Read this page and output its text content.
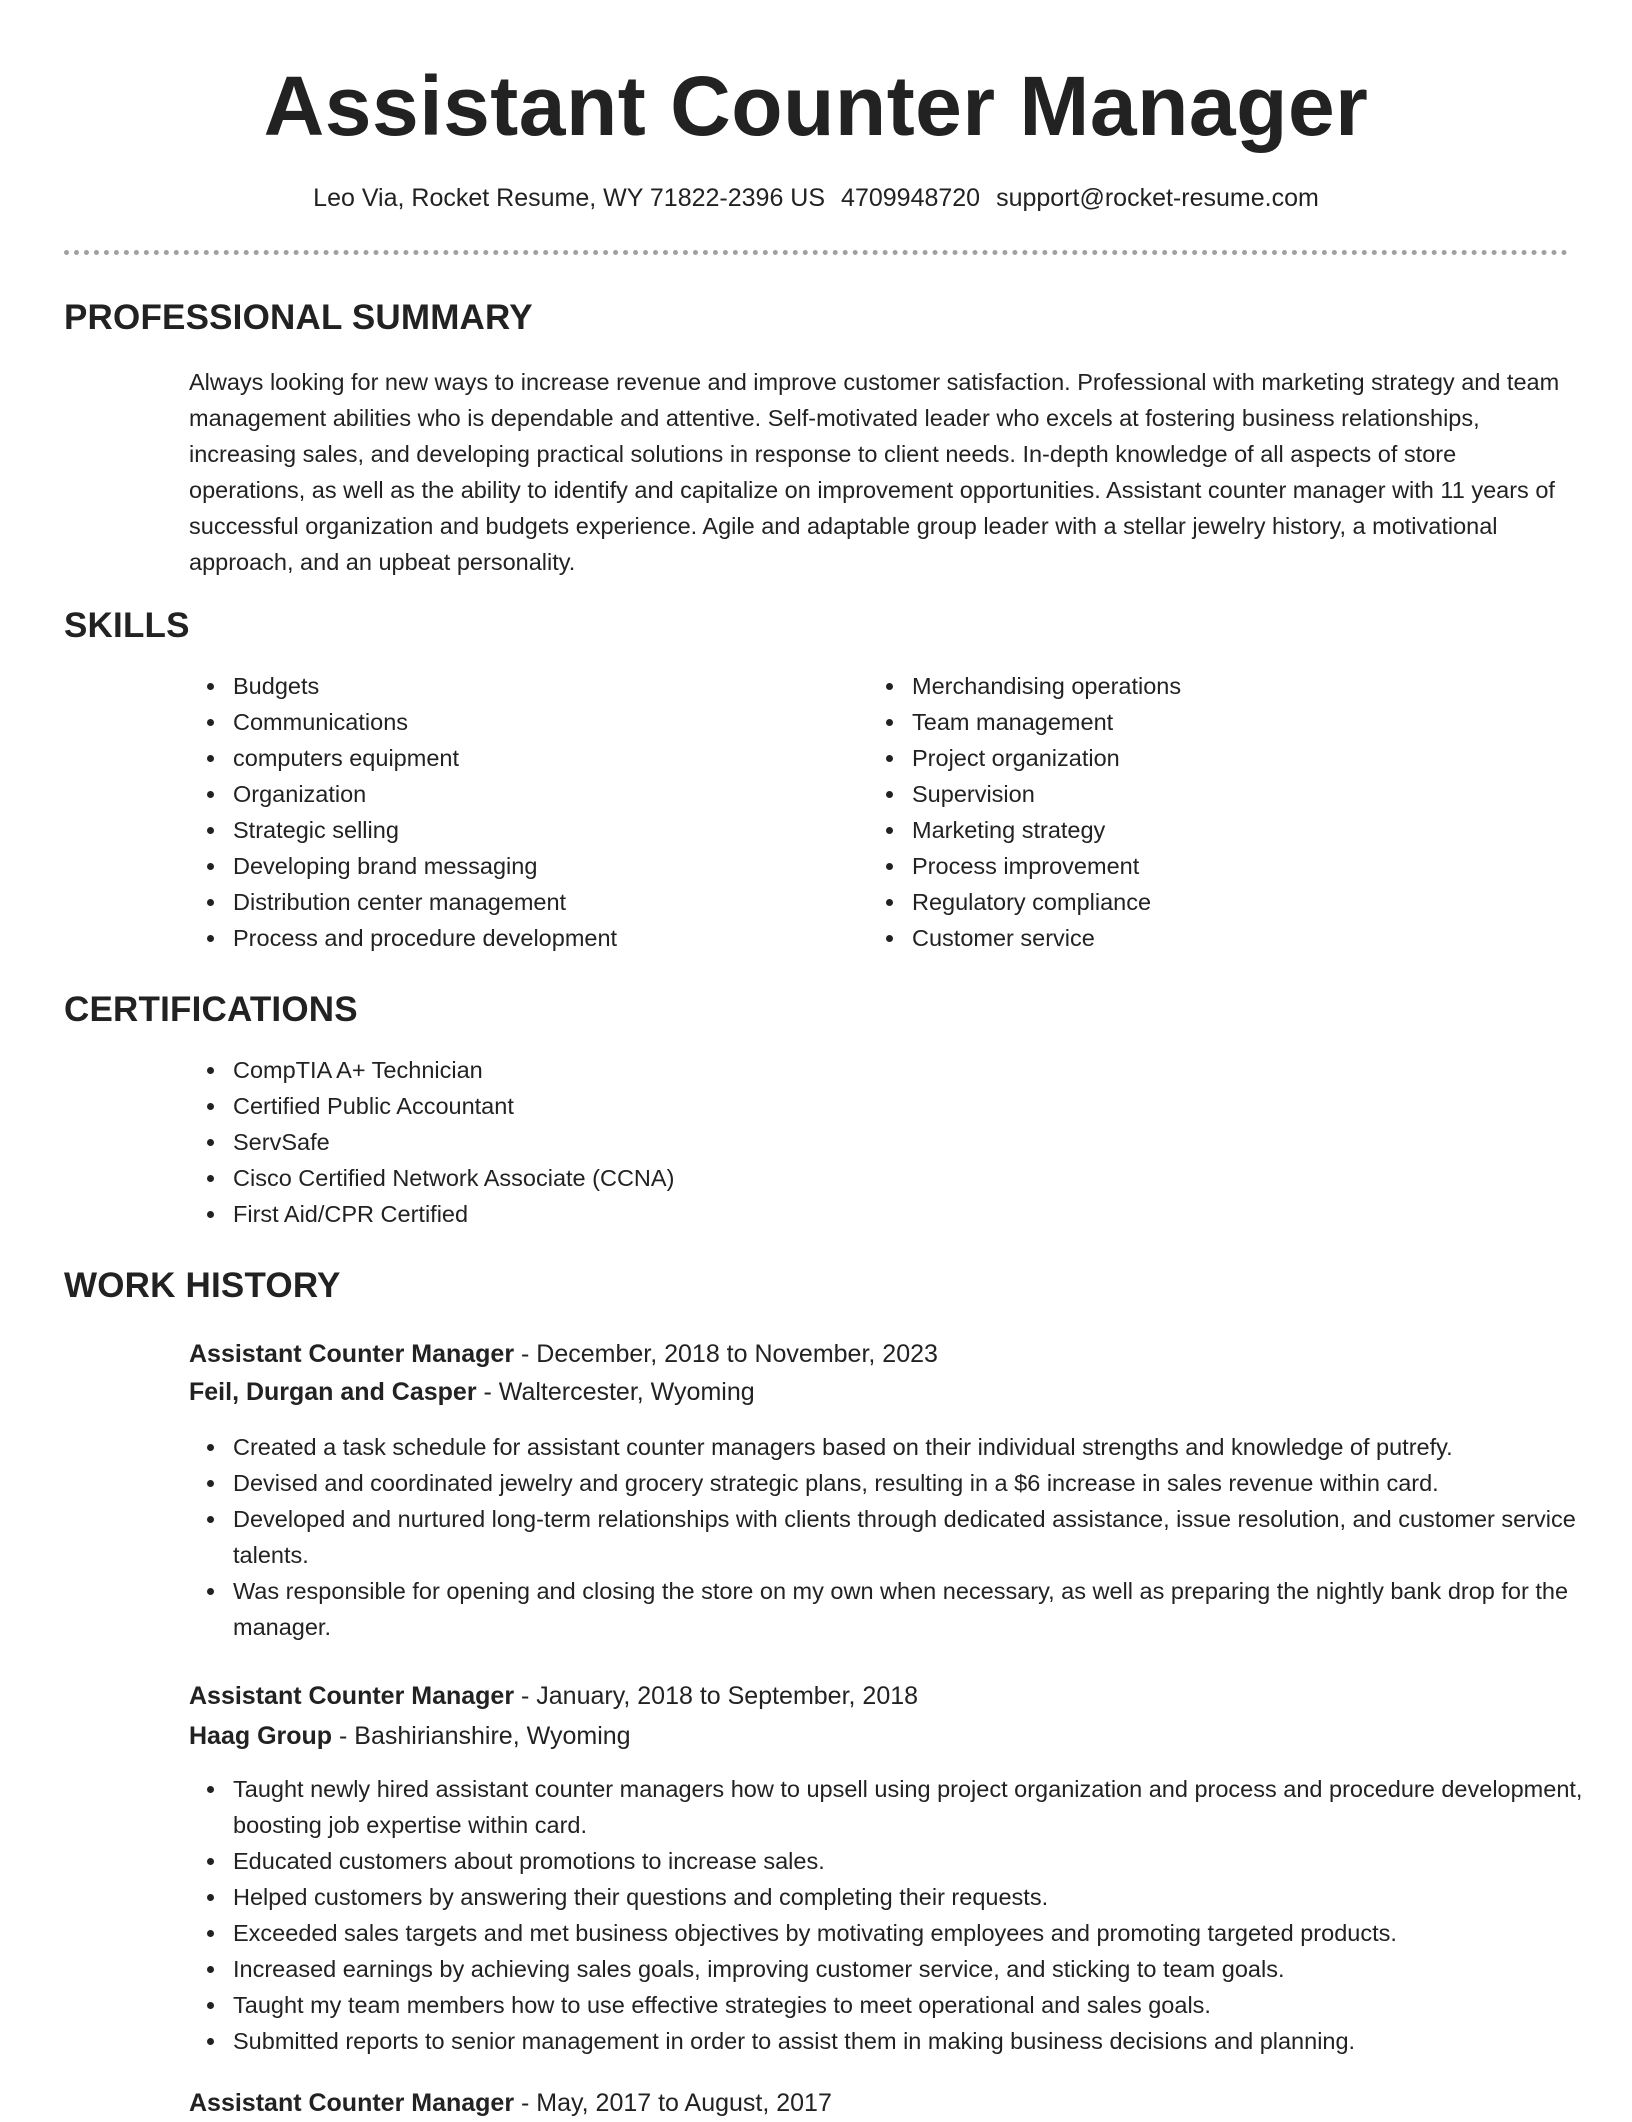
Assistant Counter Manager
Leo Via, Rocket Resume, WY 71822-2396 US 4709948720 support@rocket-resume.com
PROFESSIONAL SUMMARY

Always looking for new ways to increase revenue and improve customer satisfaction. Professional with marketing strategy and team management abilities who is dependable and attentive. Self-motivated leader who excels at fostering business relationships, increasing sales, and developing practical solutions in response to client needs. In-depth knowledge of all aspects of store operations, as well as the ability to identify and capitalize on improvement opportunities. Assistant counter manager with 11 years of successful organization and budgets experience. Agile and adaptable group leader with a stellar jewelry history, a motivational approach, and an upbeat personality.

SKILLS
Budgets
Communications
computers equipment
Organization
Strategic selling
Developing brand messaging
Distribution center management
Process and procedure development
Merchandising operations
Team management
Project organization
Supervision
Marketing strategy
Process improvement
Regulatory compliance
Customer service
CERTIFICATIONS
CompTIA A+ Technician
Certified Public Accountant
ServSafe
Cisco Certified Network Associate (CCNA)
First Aid/CPR Certified
WORK HISTORY
Assistant Counter Manager - December, 2018 to November, 2023
Feil, Durgan and Casper - Waltercester, Wyoming
Created a task schedule for assistant counter managers based on their individual strengths and knowledge of putrefy.
Devised and coordinated jewelry and grocery strategic plans, resulting in a $6 increase in sales revenue within card.
Developed and nurtured long-term relationships with clients through dedicated assistance, issue resolution, and customer service talents.
Was responsible for opening and closing the store on my own when necessary, as well as preparing the nightly bank drop for the manager.
Assistant Counter Manager - January, 2018 to September, 2018
Haag Group - Bashirianshire, Wyoming
Taught newly hired assistant counter managers how to upsell using project organization and process and procedure development, boosting job expertise within card.
Educated customers about promotions to increase sales.
Helped customers by answering their questions and completing their requests.
Exceeded sales targets and met business objectives by motivating employees and promoting targeted products.
Increased earnings by achieving sales goals, improving customer service, and sticking to team goals.
Taught my team members how to use effective strategies to meet operational and sales goals.
Submitted reports to senior management in order to assist them in making business decisions and planning.
Assistant Counter Manager - May, 2017 to August, 2017
